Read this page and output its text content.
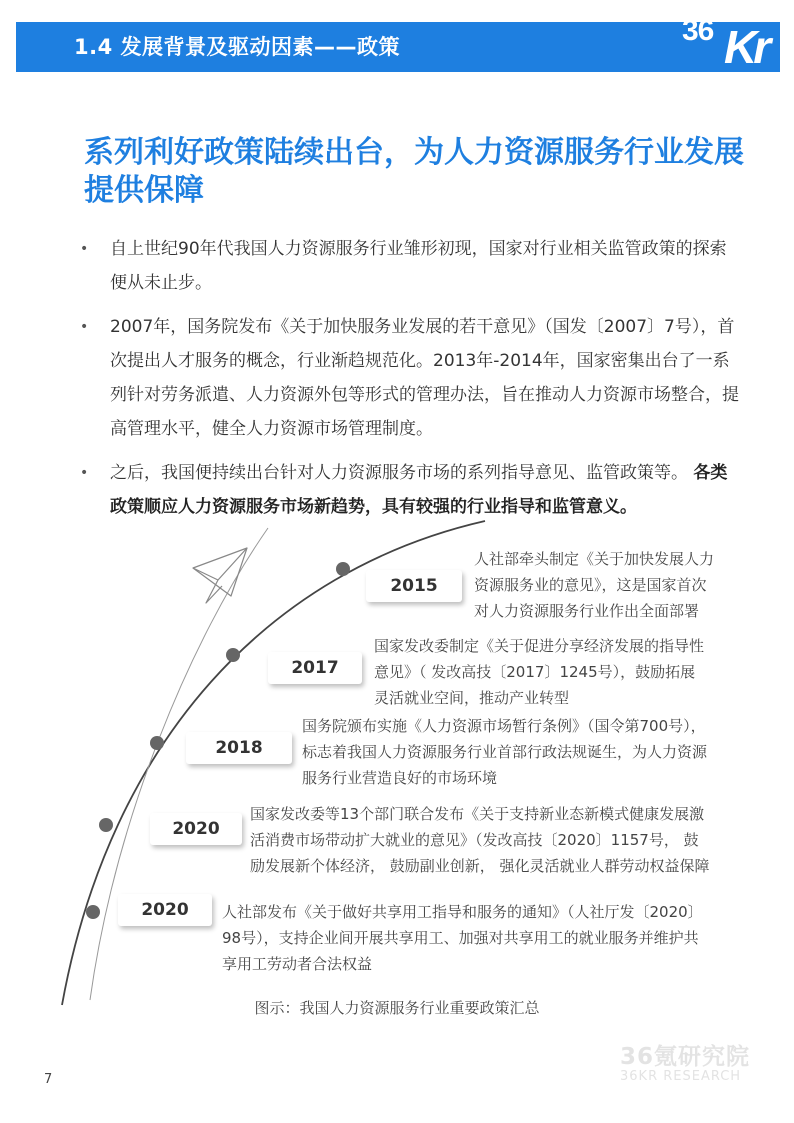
1.4 发展背景及驱动因素——政策	36 Kr
系列利好政策陆续出台，为人力资源服务行业发展提供保障
• 自上世纪90年代我国人力资源服务行业雏形初现，国家对行业相关监管政策的探索便从未止步。
• 2007年，国务院发布《关于加快服务业发展的若干意见》（国发〔2007〕7号），首次提出人才服务的概念，行业渐趋规范化。2013年-2014年，国家密集出台了一系列针对劳务派遣、人力资源外包等形式的管理办法，旨在推动人力资源市场整合，提高管理水平，健全人力资源市场管理制度。
• 之后，我国便持续出台针对人力资源服务市场的系列指导意见、监管政策等。 各类政策顺应人力资源服务市场新趋势，具有较强的行业指导和监管意义。
2015
人社部牵头制定《关于加快发展人力
资源服务业的意见》，这是国家首次
对人力资源服务行业作出全面部署
2017
国家发改委制定《关于促进分享经济发展的指导性
意见》（ 发改高技〔2017〕1245号），鼓励拓展
灵活就业空间，推动产业转型
2018
国务院颁布实施《人力资源市场暂行条例》（国令第700号），
标志着我国人力资源服务行业首部行政法规诞生，为人力资源
服务行业营造良好的市场环境
2020
国家发改委等13个部门联合发布《关于支持新业态新模式健康发展激
活消费市场带动扩大就业的意见》（发改高技〔2020〕1157号， 鼓
励发展新个体经济， 鼓励副业创新， 强化灵活就业人群劳动权益保障
2020	人社部发布《关于做好共享用工指导和服务的通知》（人社厅发〔2020〕
98号），支持企业间开展共享用工、加强对共享用工的就业服务并维护共
享用工劳动者合法权益
图示：我国人力资源服务行业重要政策汇总
36氪研究院
36KR RESEARCH
7
